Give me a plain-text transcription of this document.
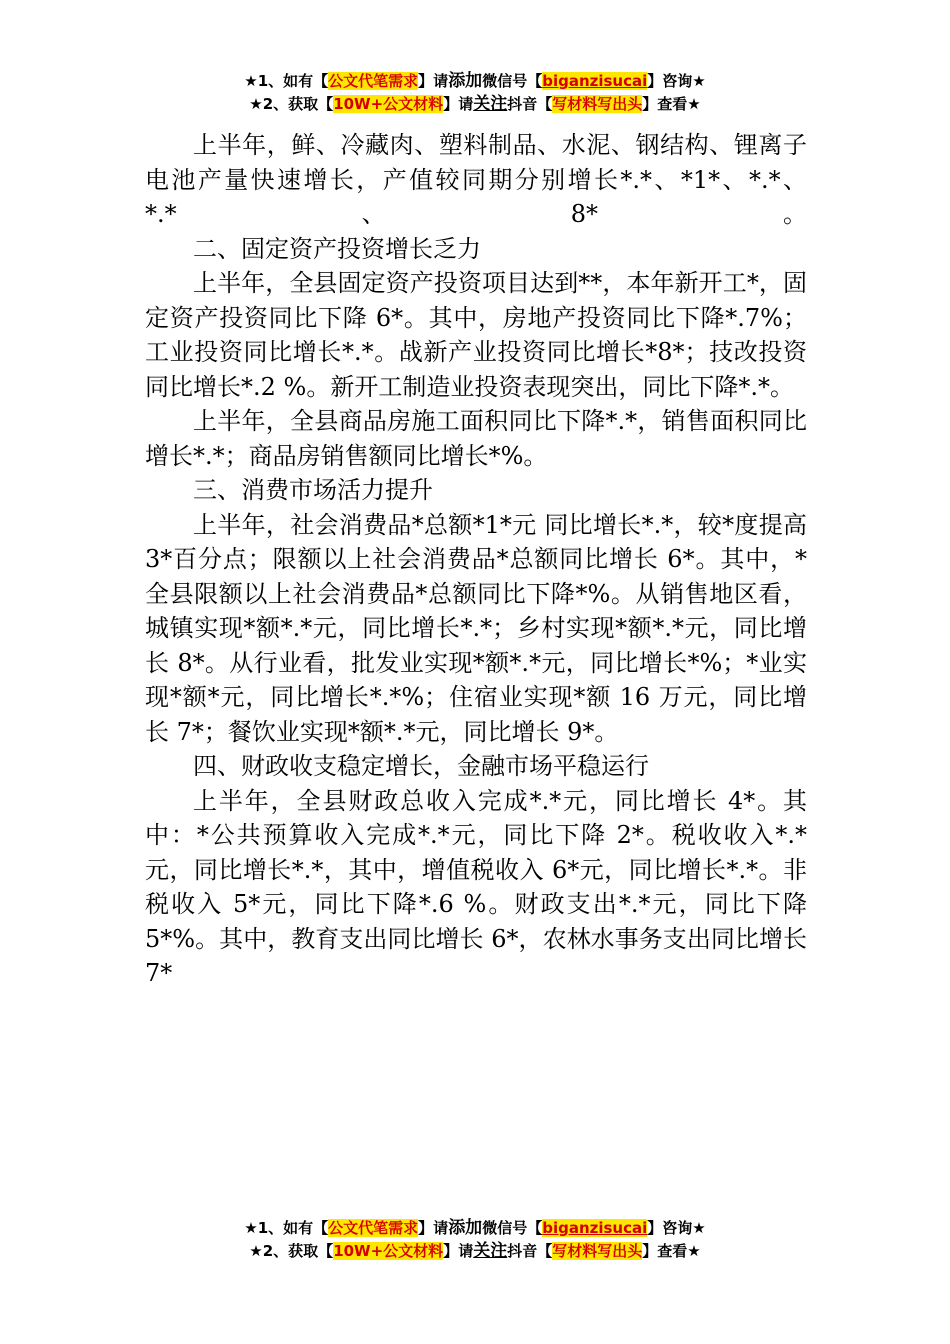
★1、如有【公文代笔需求】请添加微信号【biganzisucai】咨询★
★2、获取【10W+公文材料】请关注抖音【写材料写出头】查看★

上半年，鲜、冷藏肉、塑料制品、水泥、钢结构、锂离子电池产量快速增长，产值较同期分别增长*.*、*1*、*.*、*.*、8*。

二、固定资产投资增长乏力

上半年，全县固定资产投资项目达到**，本年新开工*，固定资产投资同比下降 6*。其中，房地产投资同比下降*.7%；工业投资同比增长*.*。战新产业投资同比增长*8*；技改投资同比增长*.2 %。新开工制造业投资表现突出，同比下降*.*。

上半年，全县商品房施工面积同比下降*.*，销售面积同比增长*.*；商品房销售额同比增长*%。

三、消费市场活力提升

上半年，社会消费品*总额*1*元 同比增长*.*，较*度提高 3*百分点；限额以上社会消费品*总额同比增长 6*。其中，*全县限额以上社会消费品*总额同比下降*%。从销售地区看，城镇实现*额*.*元，同比增长*.*；乡村实现*额*.*元，同比增长 8*。从行业看，批发业实现*额*.*元，同比增长*%；*业实现*额*元，同比增长*.*%；住宿业实现*额 16 万元，同比增长 7*；餐饮业实现*额*.*元，同比增长 9*。

四、财政收支稳定增长，金融市场平稳运行

上半年，全县财政总收入完成*.*元，同比增长 4*。其中：*公共预算收入完成*.*元，同比下降 2*。税收收入*.*元，同比增长*.*，其中，增值税收入 6*元，同比增长*.*。非税收入 5*元，同比下降*.6 %。财政支出*.*元，同比下降 5*%。其中，教育支出同比增长 6*，农林水事务支出同比增长 7*

★1、如有【公文代笔需求】请添加微信号【biganzisucai】咨询★
★2、获取【10W+公文材料】请关注抖音【写材料写出头】查看★
